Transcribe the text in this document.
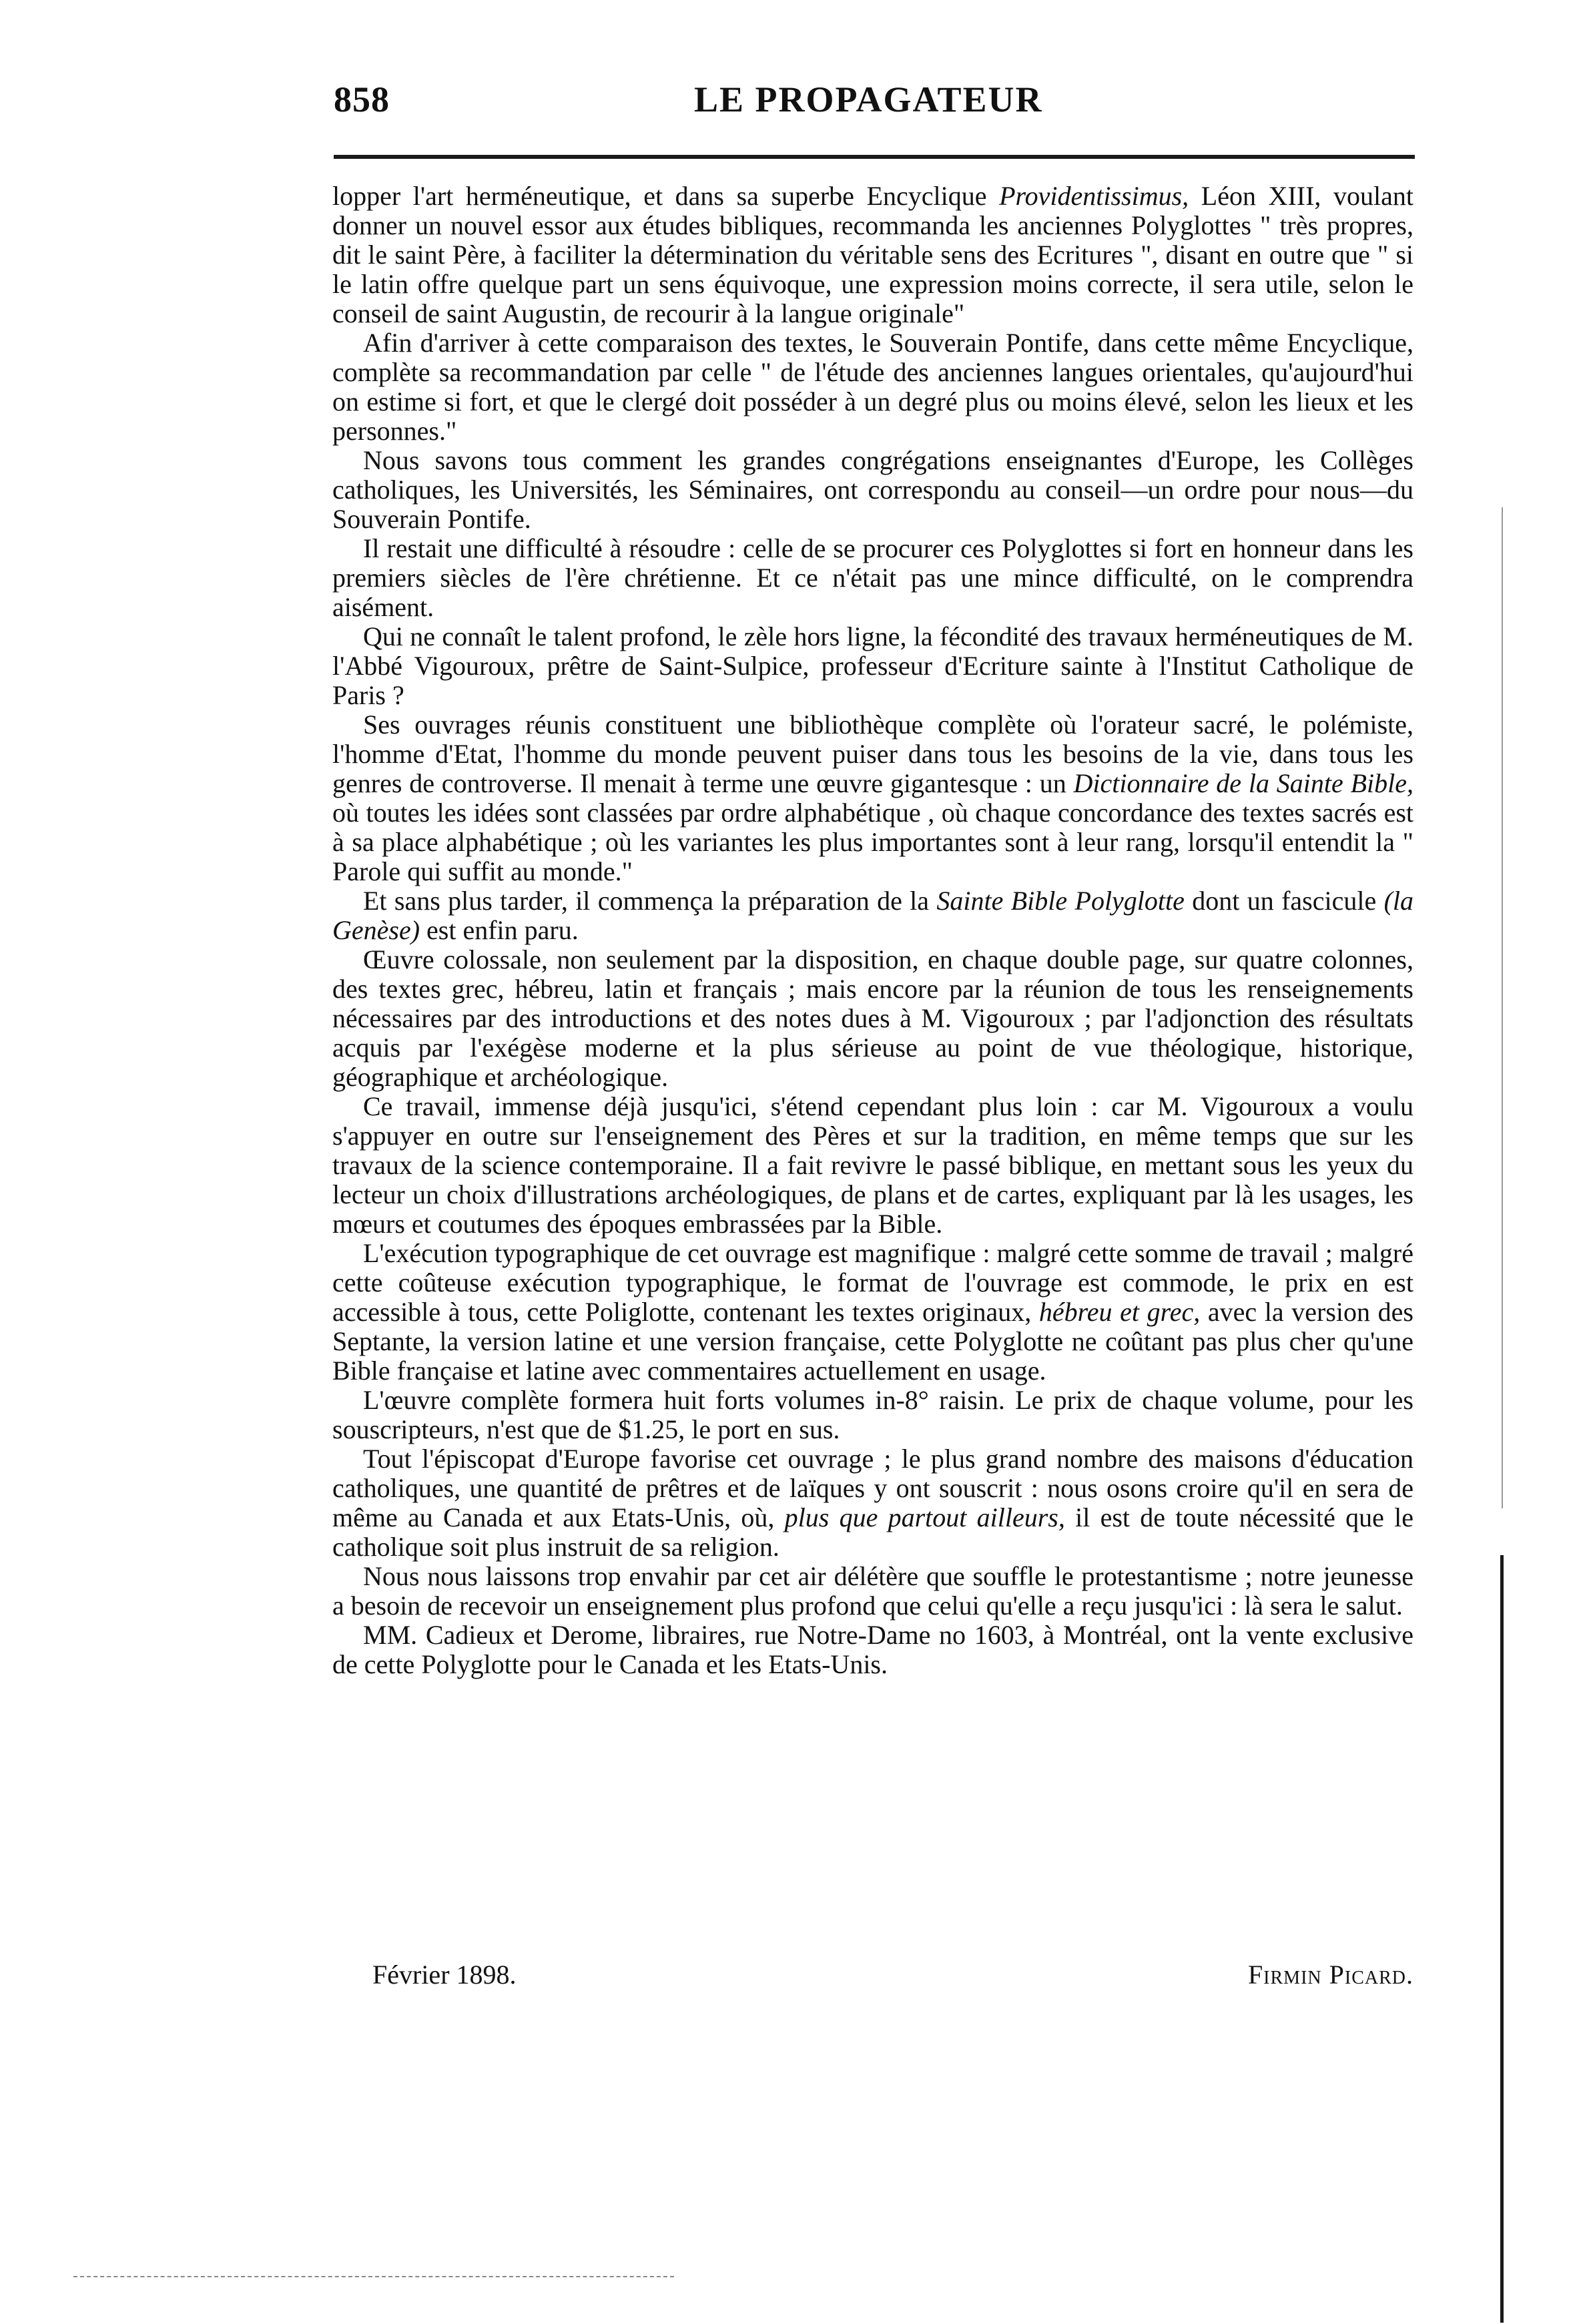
858	LE PROPAGATEUR

lopper l'art herméneutique, et dans sa superbe Encyclique Providentissimus, Léon XIII, voulant donner un nouvel essor aux études bibliques, recommanda les anciennes Polyglottes " très propres, dit le saint Père, à faciliter la détermination du véritable sens des Ecritures ", disant en outre que " si le latin offre quelque part un sens équivoque, une expression moins correcte, il sera utile, selon le conseil de saint Augustin, de recourir à la langue originale"

Afin d'arriver à cette comparaison des textes, le Souverain Pontife, dans cette même Encyclique, complète sa recommandation par celle " de l'étude des anciennes langues orientales, qu'aujourd'hui on estime si fort, et que le clergé doit posséder à un degré plus ou moins élevé, selon les lieux et les personnes."

Nous savons tous comment les grandes congrégations enseignantes d'Europe, les Collèges catholiques, les Universités, les Séminaires, ont correspondu au conseil—un ordre pour nous—du Souverain Pontife.

Il restait une difficulté à résoudre : celle de se procurer ces Polyglottes si fort en honneur dans les premiers siècles de l'ère chrétienne. Et ce n'était pas une mince difficulté, on le comprendra aisément.

Qui ne connaît le talent profond, le zèle hors ligne, la fécondité des travaux herméneutiques de M. l'Abbé Vigouroux, prêtre de Saint-Sulpice, professeur d'Ecriture sainte à l'Institut Catholique de Paris ?

Ses ouvrages réunis constituent une bibliothèque complète où l'orateur sacré, le polémiste, l'homme d'Etat, l'homme du monde peuvent puiser dans tous les besoins de la vie, dans tous les genres de controverse. Il menait à terme une œuvre gigantesque : un Dictionnaire de la Sainte Bible, où toutes les idées sont classées par ordre alphabétique , où chaque concordance des textes sacrés est à sa place alphabétique ; où les variantes les plus importantes sont à leur rang, lorsqu'il entendit la " Parole qui suffit au monde."

Et sans plus tarder, il commença la préparation de la Sainte Bible Polyglotte dont un fascicule (la Genèse) est enfin paru.

Œuvre colossale, non seulement par la disposition, en chaque double page, sur quatre colonnes, des textes grec, hébreu, latin et français ; mais encore par la réunion de tous les renseignements nécessaires par des introductions et des notes dues à M. Vigouroux ; par l'adjonction des résultats acquis par l'exégèse moderne et la plus sérieuse au point de vue théologique, historique, géographique et archéologique.

Ce travail, immense déjà jusqu'ici, s'étend cependant plus loin : car M. Vigouroux a voulu s'appuyer en outre sur l'enseignement des Pères et sur la tradition, en même temps que sur les travaux de la science contemporaine. Il a fait revivre le passé biblique, en mettant sous les yeux du lecteur un choix d'illustrations archéologiques, de plans et de cartes, expliquant par là les usages, les mœurs et coutumes des époques embrassées par la Bible.

L'exécution typographique de cet ouvrage est magnifique : malgré cette somme de travail ; malgré cette coûteuse exécution typographique, le format de l'ouvrage est commode, le prix en est accessible à tous, cette Poliglotte, contenant les textes originaux, hébreu et grec, avec la version des Septante, la version latine et une version française, cette Polyglotte ne coûtant pas plus cher qu'une Bible française et latine avec commentaires actuellement en usage.

L'œuvre complète formera huit forts volumes in-8° raisin. Le prix de chaque volume, pour les souscripteurs, n'est que de $1.25, le port en sus.

Tout l'épiscopat d'Europe favorise cet ouvrage ; le plus grand nombre des maisons d'éducation catholiques, une quantité de prêtres et de laïques y ont souscrit : nous osons croire qu'il en sera de même au Canada et aux Etats-Unis, où, plus que partout ailleurs, il est de toute nécessité que le catholique soit plus instruit de sa religion.

Nous nous laissons trop envahir par cet air délétère que souffle le protestantisme ; notre jeunesse a besoin de recevoir un enseignement plus profond que celui qu'elle a reçu jusqu'ici : là sera le salut.

MM. Cadieux et Derome, libraires, rue Notre-Dame no 1603, à Montréal, ont la vente exclusive de cette Polyglotte pour le Canada et les Etats-Unis.

Février 1898.	Firmin Picard.
